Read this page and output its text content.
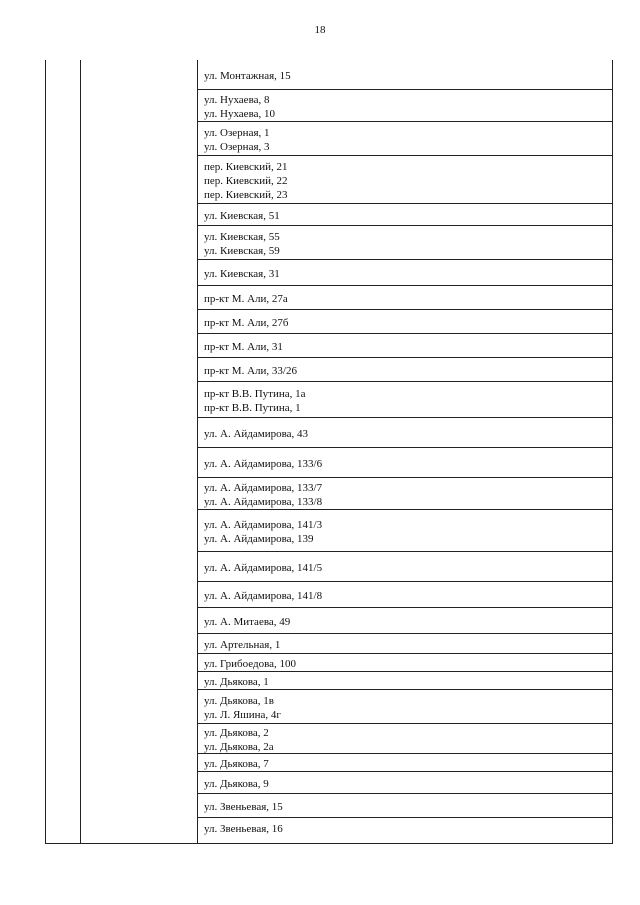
18
ул. Монтажная, 15
ул. Нухаева, 8
ул. Нухаева, 10
ул. Озерная, 1
ул. Озерная, 3
пер. Киевский, 21
пер. Киевский, 22
пер. Киевский, 23
ул. Киевская, 51
ул. Киевская, 55
ул. Киевская, 59
ул. Киевская, 31
пр-кт М. Али, 27а
пр-кт М. Али, 27б
пр-кт М. Али, 31
пр-кт М. Али, 33/26
пр-кт В.В. Путина, 1а
пр-кт В.В. Путина, 1
ул. А. Айдамирова, 43
ул. А. Айдамирова, 133/6
ул. А. Айдамирова, 133/7
ул. А. Айдамирова, 133/8
ул. А. Айдамирова, 141/3
ул. А. Айдамирова, 139
ул. А. Айдамирова, 141/5
ул. А. Айдамирова, 141/8
ул. А. Митаева, 49
ул. Артельная, 1
ул. Грибоедова, 100
ул. Дьякова, 1
ул. Дьякова, 1в
ул. Л. Яшина, 4г
ул. Дьякова, 2
ул. Дьякова, 2а
ул. Дьякова, 7
ул. Дьякова, 9
ул. Звеньевая, 15
ул. Звеньевая, 16
